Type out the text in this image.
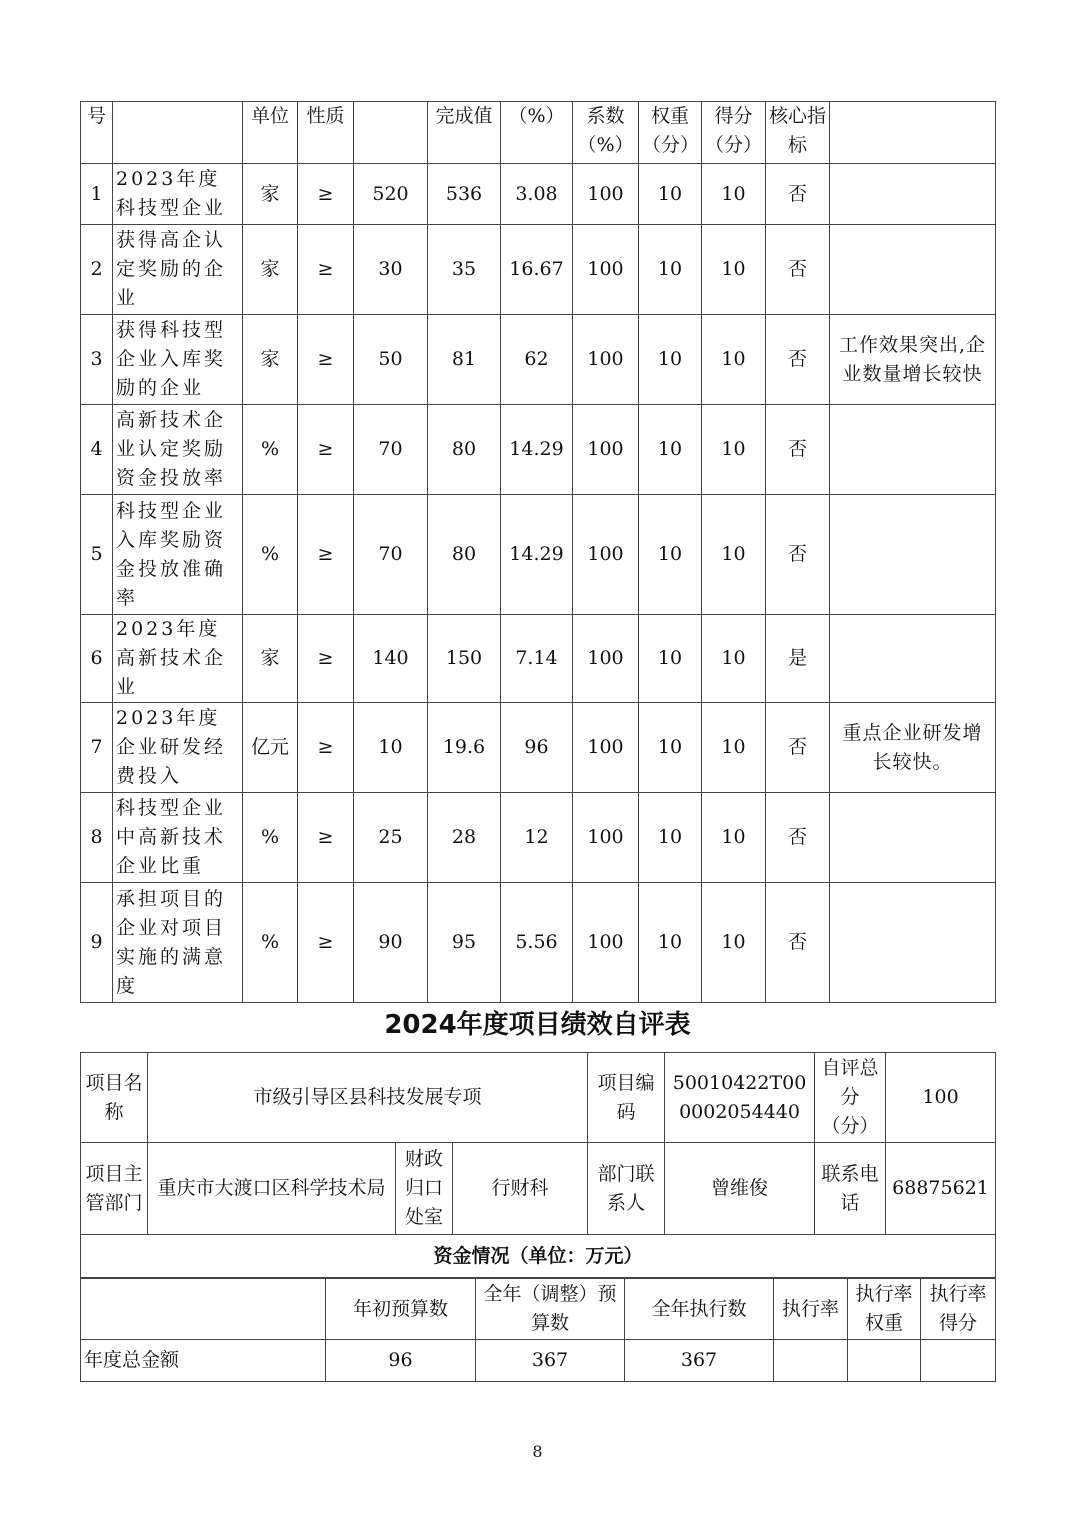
号		单位	性质		完成值	（%）	系数（%）	权重（分）	得分（分）	核心指标	
1	2023年度科技型企业	家	≥	520	536	3.08	100	10	10	否	
2	获得高企认定奖励的企业	家	≥	30	35	16.67	100	10	10	否	
3	获得科技型企业入库奖励的企业	家	≥	50	81	62	100	10	10	否	工作效果突出,企业数量增长较快
4	高新技术企业认定奖励资金投放率	%	≥	70	80	14.29	100	10	10	否	
5	科技型企业入库奖励资金投放准确率	%	≥	70	80	14.29	100	10	10	否	
6	2023年度高新技术企业	家	≥	140	150	7.14	100	10	10	是	
7	2023年度企业研发经费投入	亿元	≥	10	19.6	96	100	10	10	否	重点企业研发增长较快。
8	科技型企业中高新技术企业比重	%	≥	25	28	12	100	10	10	否	
9	承担项目的企业对项目实施的满意度	%	≥	90	95	5.56	100	10	10	否	
2024年度项目绩效自评表
项目名称	市级引导区县科技发展专项			项目编码	50010422T000002054440	自评总分（分）	100
项目主管部门	重庆市大渡口区科学技术局	财政归口处室	行财科	部门联系人	曾维俊	联系电话	68875621
资金情况（单位：万元）							
	年初预算数	全年（调整）预算数	全年执行数	执行率	执行率权重	执行率得分
年度总金额	96	367	367			
8
